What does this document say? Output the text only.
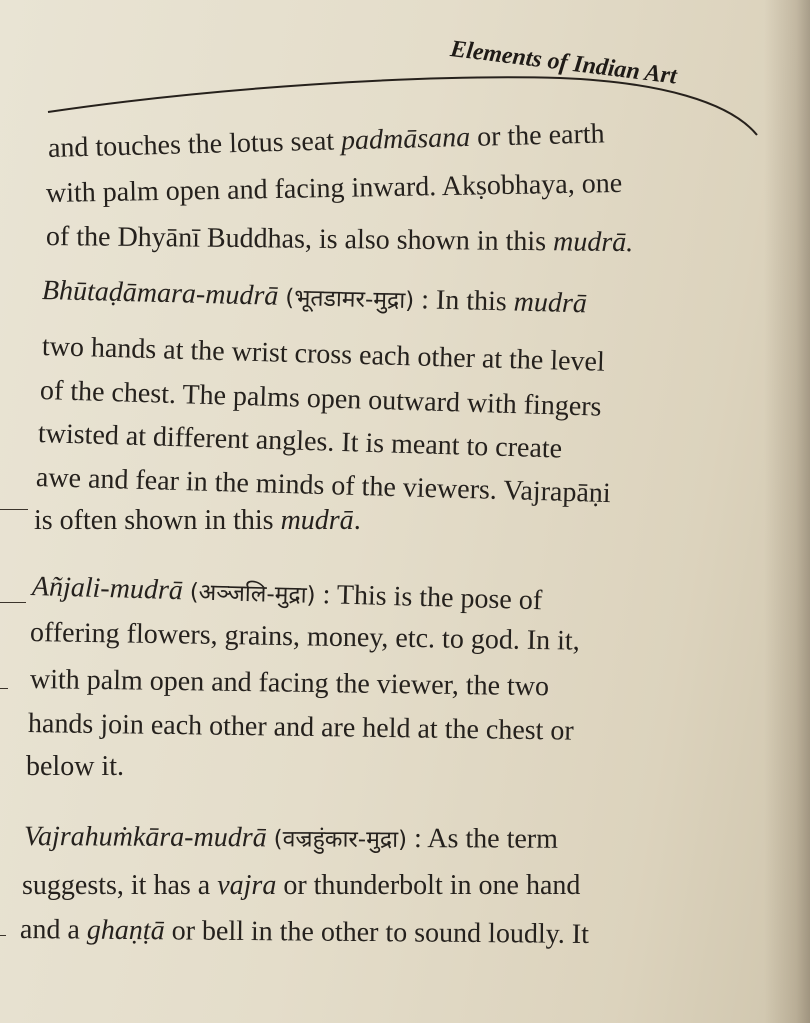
Elements of Indian Art
and touches the lotus seat padmāsana or the earth
with palm open and facing inward. Akṣobhaya, one
of the Dhyānī Buddhas, is also shown in this mudrā.
Bhūtaḍāmara-mudrā (भूतडामर-मुद्रा) : In this mudrā
two hands at the wrist cross each other at the level
of the chest. The palms open outward with fingers
twisted at different angles. It is meant to create
awe and fear in the minds of the viewers. Vajrapāṇi
is often shown in this mudrā.
Añjali-mudrā (अञ्जलि-मुद्रा) : This is the pose of
offering flowers, grains, money, etc. to god. In it,
with palm open and facing the viewer, the two
hands join each other and are held at the chest or
below it.
Vajrahuṁkāra-mudrā (वज्रहुंकार-मुद्रा) : As the term
suggests, it has a vajra or thunderbolt in one hand
and a ghaṇṭā or bell in the other to sound loudly. It
